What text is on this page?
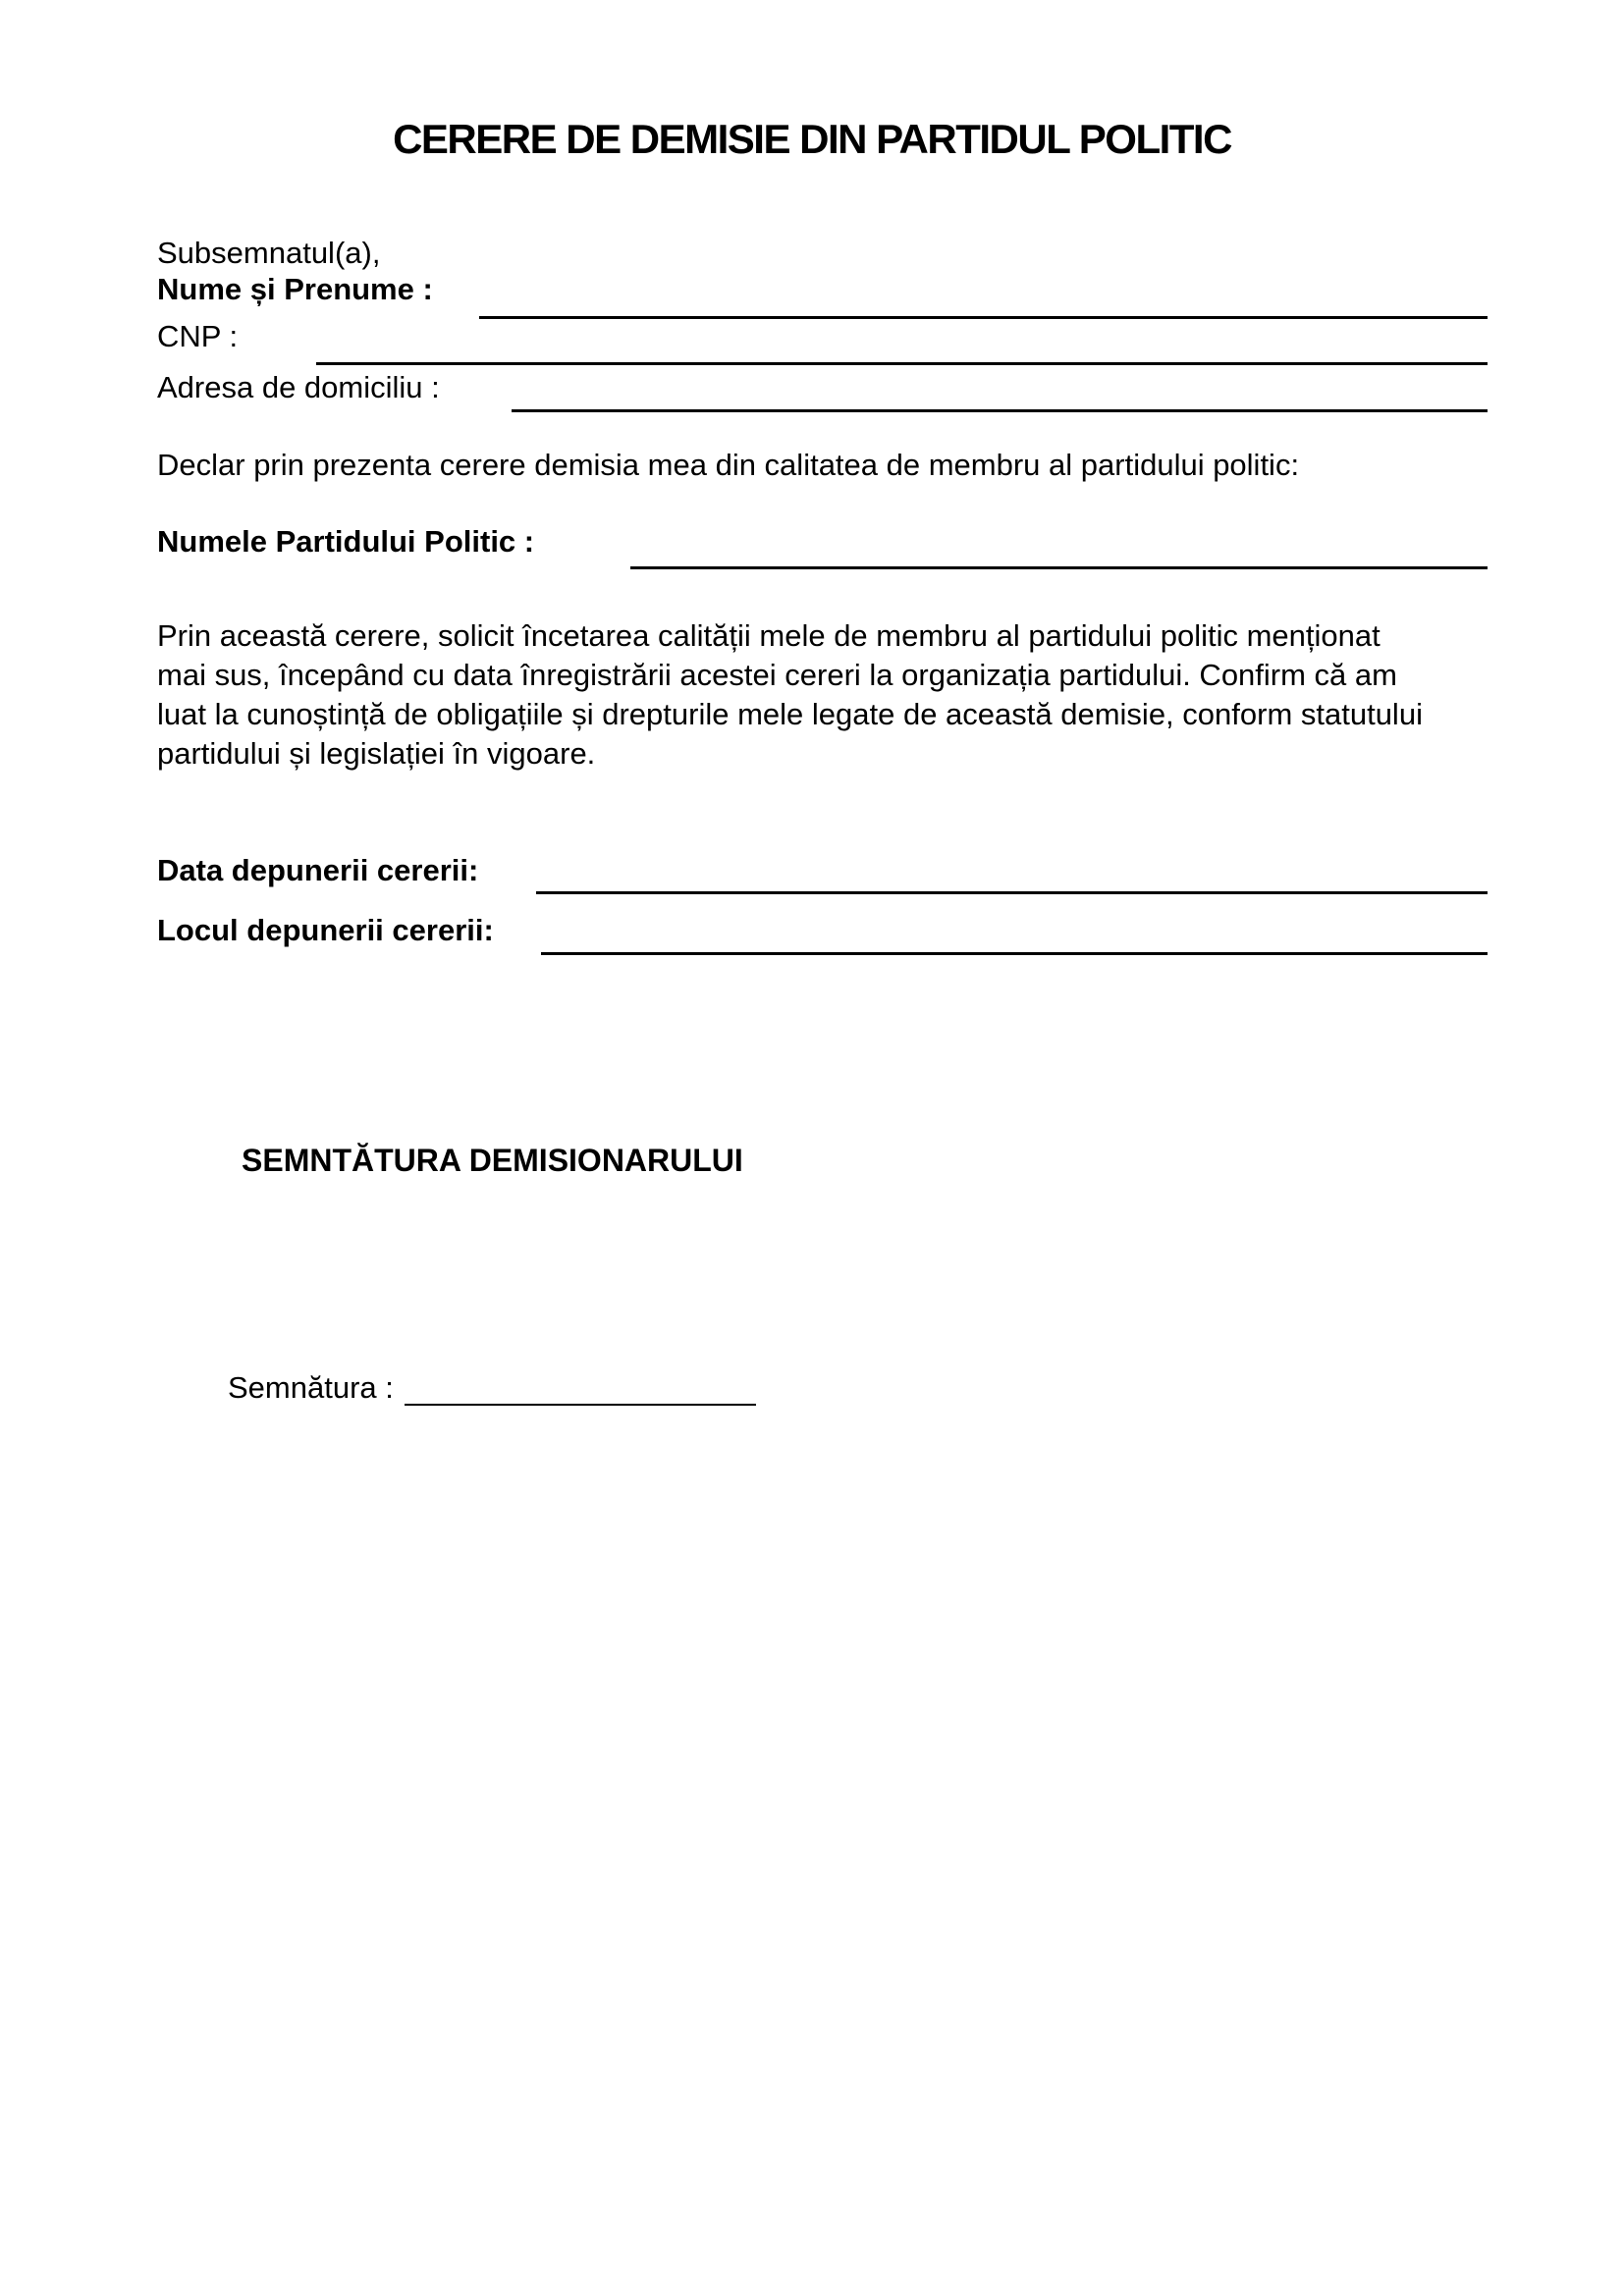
CERERE DE DEMISIE DIN PARTIDUL POLITIC
Subsemnatul(a),
Nume și Prenume :
CNP :
Adresa de domiciliu :
Declar prin prezenta cerere demisia mea din calitatea de membru al partidului politic:
Numele Partidului Politic :
Prin această cerere, solicit încetarea calității mele de membru al partidului politic menționat
mai sus, începând cu data înregistrării acestei cereri la organizația partidului. Confirm că am
luat la cunoștință de obligațiile și drepturile mele legate de această demisie, conform statutului
partidului și legislației în vigoare.
Data depunerii cererii:
Locul depunerii cererii:
SEMNTĂTURA DEMISIONARULUI
Semnătura :
